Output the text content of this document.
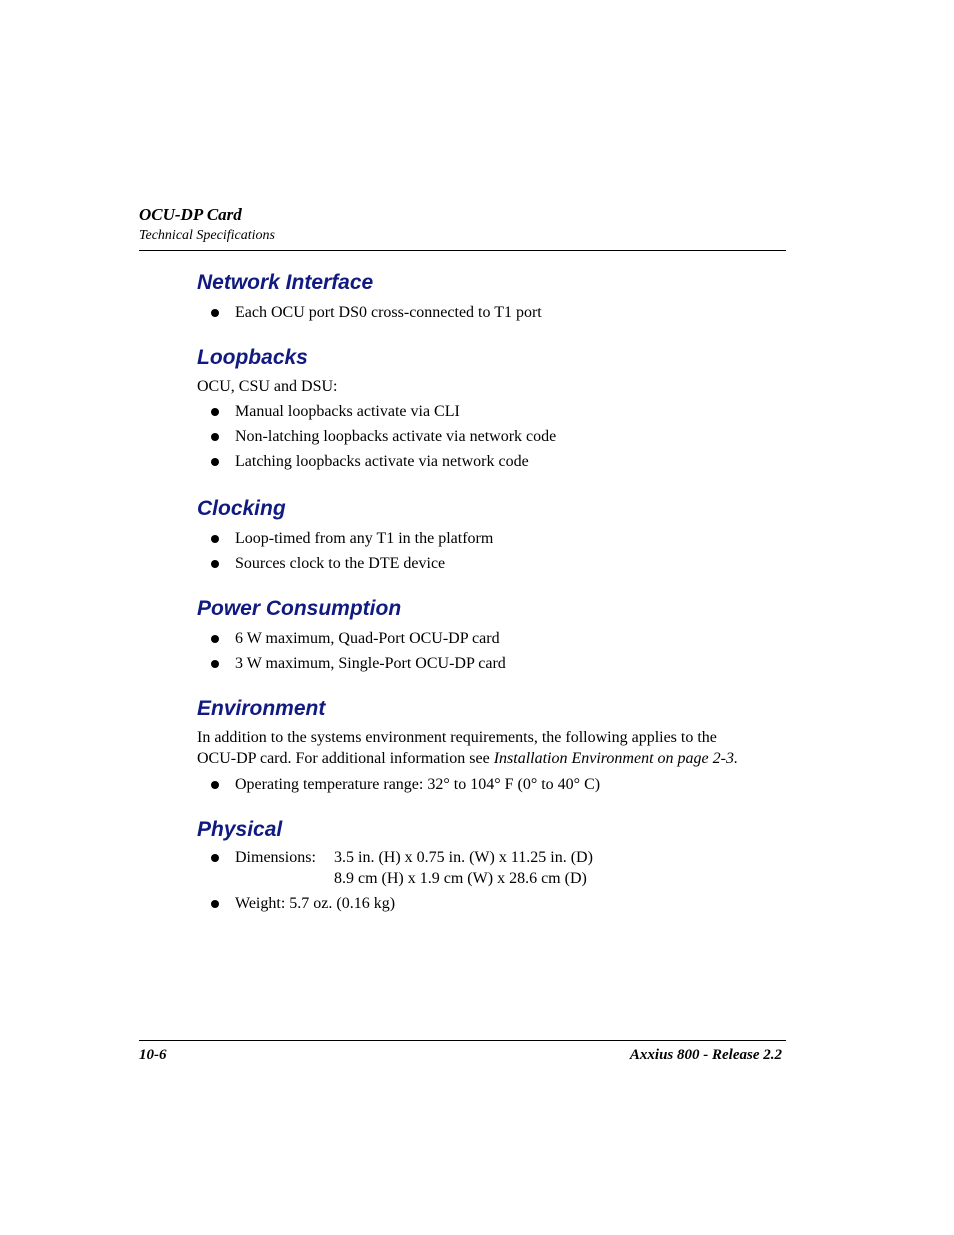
OCU-DP Card
Technical Specifications
Network Interface
Each OCU port DS0 cross-connected to T1 port
Loopbacks

OCU, CSU and DSU:

Manual loopbacks activate via CLI
Non-latching loopbacks activate via network code
Latching loopbacks activate via network code
Clocking
Loop-timed from any T1 in the platform
Sources clock to the DTE device
Power Consumption
6 W maximum, Quad-Port OCU-DP card
3 W maximum, Single-Port OCU-DP card
Environment

In addition to the systems environment requirements, the following applies to the
OCU-DP card. For additional information see Installation Environment on page 2-3.

Operating temperature range: 32° to 104° F (0° to 40° C)
Physical
Dimensions:	3.5 in. (H) x 0.75 in. (W) x 11.25 in. (D)
8.9 cm (H) x 1.9 cm (W) x 28.6 cm (D)
Weight: 5.7 oz. (0.16 kg)
10-6	Axxius 800 - Release 2.2
